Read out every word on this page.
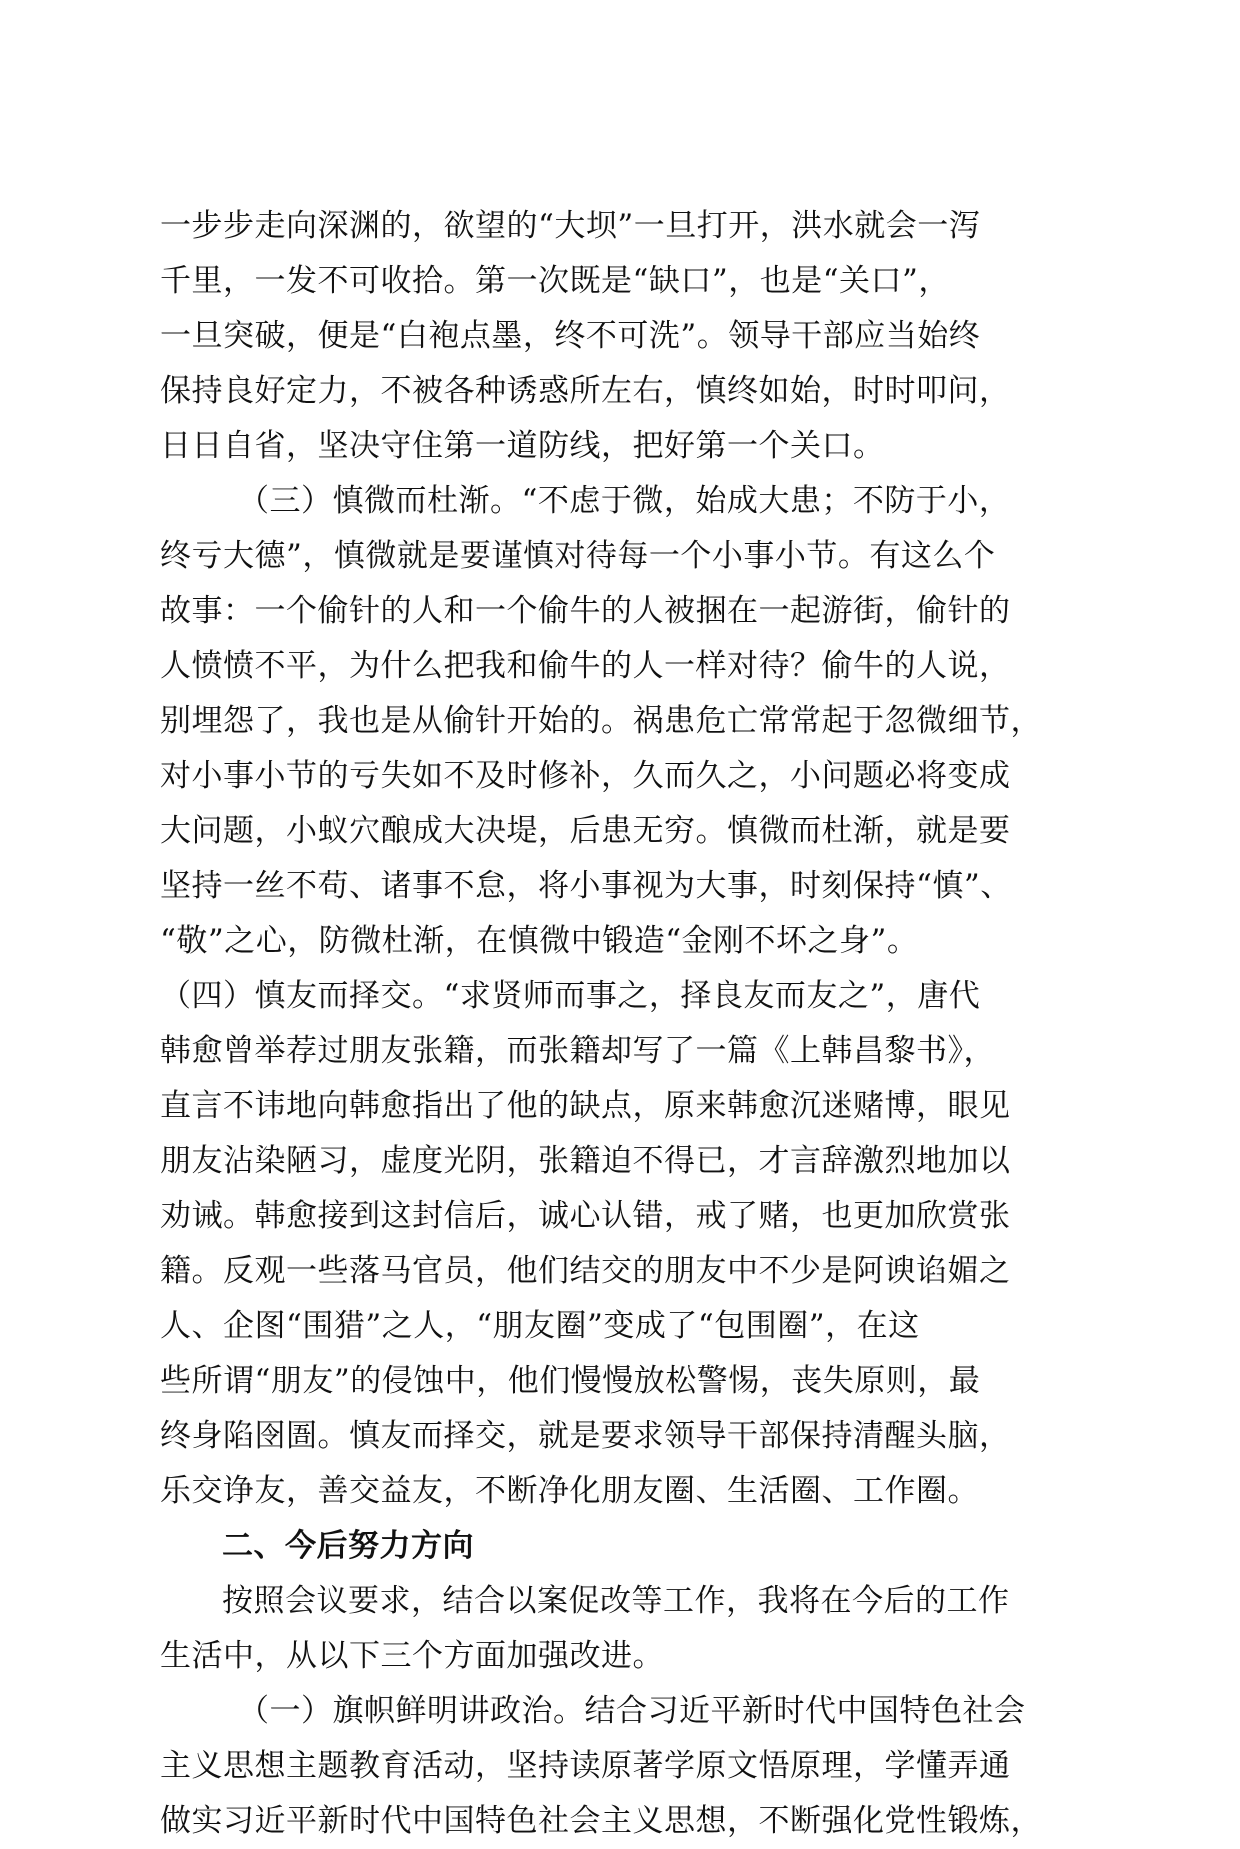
一步步走向深渊的，欲望的“大坝”一旦打开，洪水就会一泻
千里，一发不可收拾。第一次既是“缺口”，也是“关口”，
一旦突破，便是“白袍点墨，终不可洗”。领导干部应当始终
保持良好定力，不被各种诱惑所左右，慎终如始，时时叩问，
日日自省，坚决守住第一道防线，把好第一个关口。
（三）慎微而杜渐。“不虑于微，始成大患；不防于小，
终亏大德”，慎微就是要谨慎对待每一个小事小节。有这么个
故事：一个偷针的人和一个偷牛的人被捆在一起游街，偷针的
人愤愤不平，为什么把我和偷牛的人一样对待？偷牛的人说，
别埋怨了，我也是从偷针开始的。祸患危亡常常起于忽微细节，
对小事小节的亏失如不及时修补，久而久之，小问题必将变成
大问题，小蚁穴酿成大决堤，后患无穷。慎微而杜渐，就是要
坚持一丝不苟、诸事不怠，将小事视为大事，时刻保持“慎”、
“敬”之心，防微杜渐，在慎微中锻造“金刚不坏之身”。
（四）慎友而择交。“求贤师而事之，择良友而友之”，唐代
韩愈曾举荐过朋友张籍，而张籍却写了一篇《上韩昌黎书》，
直言不讳地向韩愈指出了他的缺点，原来韩愈沉迷赌博，眼见
朋友沾染陋习，虚度光阴，张籍迫不得已，才言辞激烈地加以
劝诫。韩愈接到这封信后，诚心认错，戒了赌，也更加欣赏张
籍。反观一些落马官员，他们结交的朋友中不少是阿谀谄媚之
人、企图“围猎”之人，“朋友圈”变成了“包围圈”，在这
些所谓“朋友”的侵蚀中，他们慢慢放松警惕，丧失原则，最
终身陷囹圄。慎友而择交，就是要求领导干部保持清醒头脑，
乐交诤友，善交益友，不断净化朋友圈、生活圈、工作圈。
二、今后努力方向
按照会议要求，结合以案促改等工作，我将在今后的工作
生活中，从以下三个方面加强改进。
（一）旗帜鲜明讲政治。结合习近平新时代中国特色社会
主义思想主题教育活动，坚持读原著学原文悟原理，学懂弄通
做实习近平新时代中国特色社会主义思想，不断强化党性锻炼，
